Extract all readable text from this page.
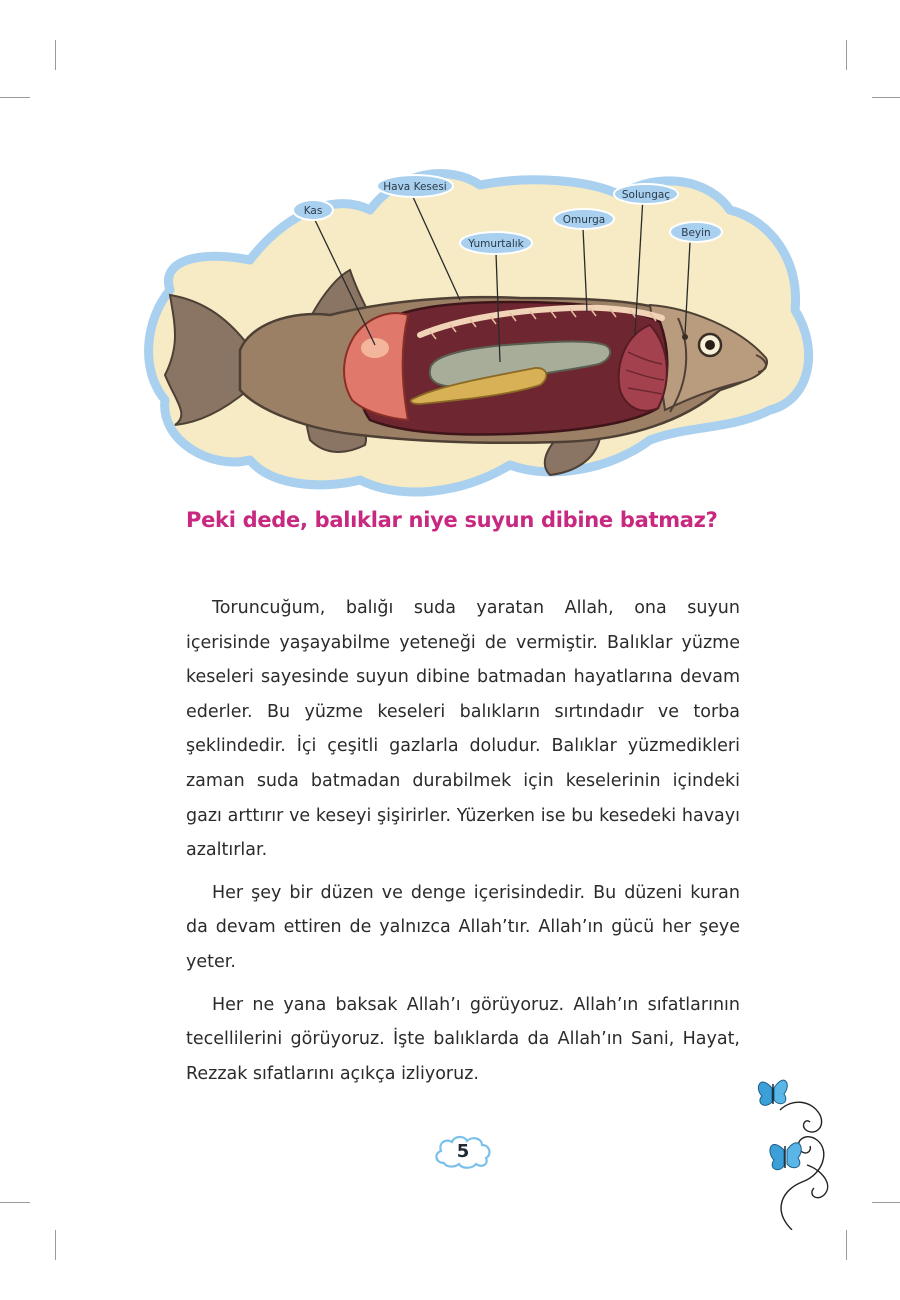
Hava Kesesi
Kas
Yumurtalık
Omurga
Solungaç
Beyin
Peki dede, balıklar niye suyun dibine batmaz?

Toruncuğum, balığı suda yaratan Allah, ona suyun içerisinde yaşayabilme yeteneği de vermiştir. Balıklar yüzme keseleri sayesinde suyun dibine batmadan hayatlarına devam ederler. Bu yüzme keseleri balıkların sırtındadır ve torba şeklindedir. İçi çeşitli gazlarla doludur. Balıklar yüzmedikleri zaman suda batmadan durabilmek için keselerinin içindeki gazı arttırır ve keseyi şişirirler. Yüzerken ise bu kesedeki havayı azaltırlar.

Her şey bir düzen ve denge içerisindedir. Bu düzeni kuran da devam ettiren de yalnızca Allah’tır. Allah’ın gücü her şeye yeter.

Her ne yana baksak Allah’ı görüyoruz. Allah’ın sıfatlarının tecellilerini görüyoruz. İşte balıklarda da Allah’ın Sani, Hayat, Rezzak sıfatlarını açıkça izliyoruz.

5
